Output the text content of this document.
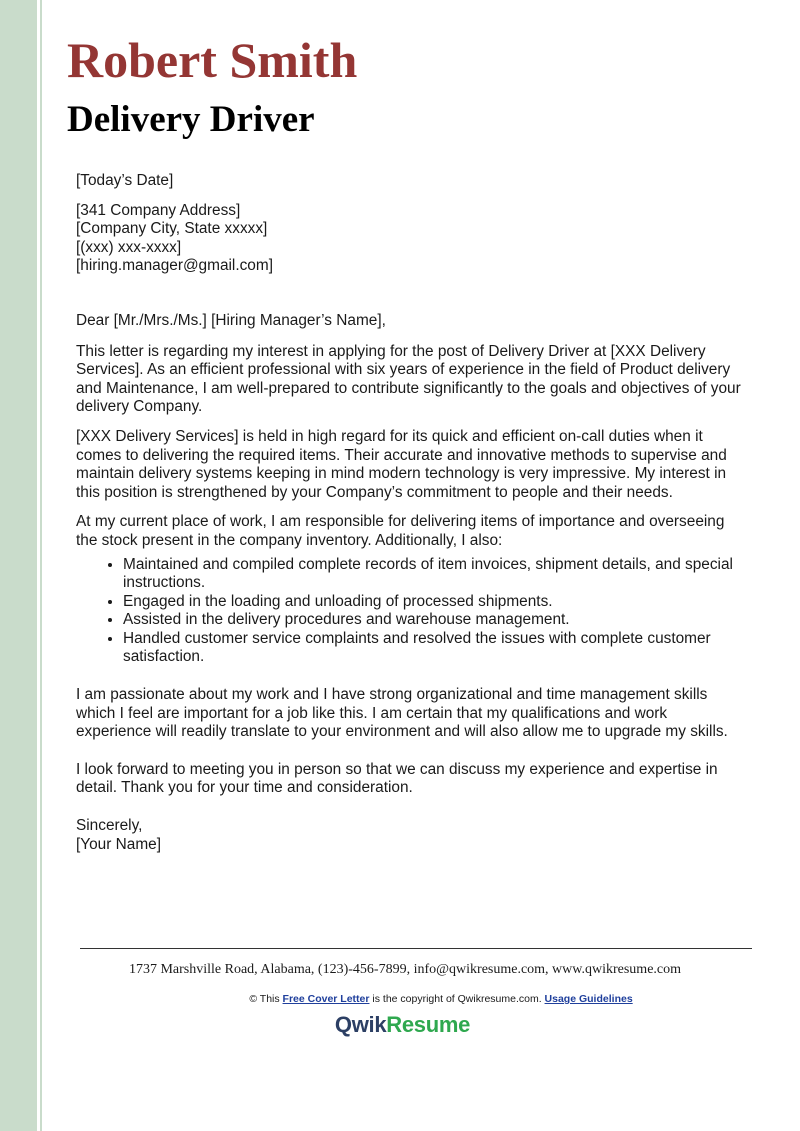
Robert Smith
Delivery Driver

[Today’s Date]

[341 Company Address]

[Company City, State xxxxx]

[(xxx) xxx-xxxx]

[hiring.manager@gmail.com]

Dear [Mr./Mrs./Ms.] [Hiring Manager’s Name],

This letter is regarding my interest in applying for the post of Delivery Driver at [XXX Delivery Services]. As an efficient professional with six years of experience in the field of Product delivery and Maintenance, I am well-prepared to contribute significantly to the goals and objectives of your delivery Company.

[XXX Delivery Services] is held in high regard for its quick and efficient on-call duties when it comes to delivering the required items. Their accurate and innovative methods to supervise and maintain delivery systems keeping in mind modern technology is very impressive. My interest in this position is strengthened by your Company’s commitment to people and their needs.

At my current place of work, I am responsible for delivering items of importance and overseeing the stock present in the company inventory. Additionally, I also:

• Maintained and compiled complete records of item invoices, shipment details, and special instructions.
• Engaged in the loading and unloading of processed shipments.
• Assisted in the delivery procedures and warehouse management.
• Handled customer service complaints and resolved the issues with complete customer satisfaction.

I am passionate about my work and I have strong organizational and time management skills which I feel are important for a job like this. I am certain that my qualifications and work experience will readily translate to your environment and will also allow me to upgrade my skills.

I look forward to meeting you in person so that we can discuss my experience and expertise in detail. Thank you for your time and consideration.

Sincerely,

[Your Name]

1737 Marshville Road, Alabama, (123)-456-7899, info@qwikresume.com, www.qwikresume.com
© This Free Cover Letter is the copyright of Qwikresume.com. Usage Guidelines
QwikResume
